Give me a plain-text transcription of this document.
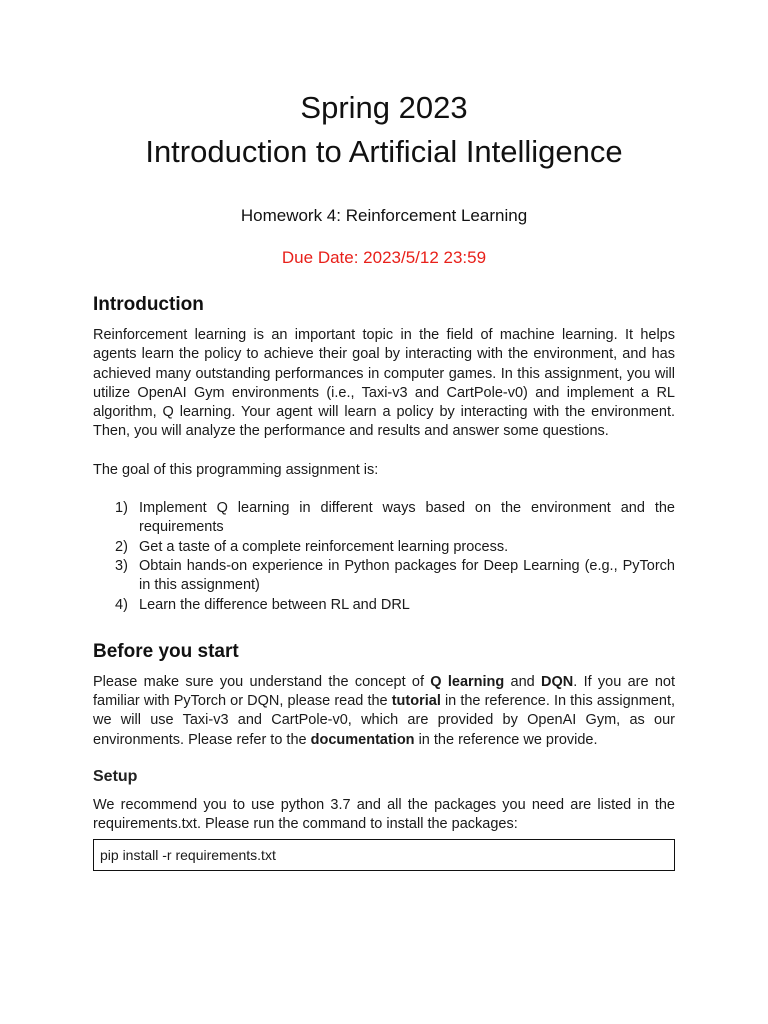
Spring 2023
Introduction to Artificial Intelligence

Homework 4: Reinforcement Learning

Due Date: 2023/5/12 23:59

Introduction

Reinforcement learning is an important topic in the field of machine learning. It helps agents learn the policy to achieve their goal by interacting with the environment, and has achieved many outstanding performances in computer games. In this assignment, you will utilize OpenAI Gym environments (i.e., Taxi-v3 and CartPole-v0) and implement a RL algorithm, Q learning. Your agent will learn a policy by interacting with the environment. Then, you will analyze the performance and results and answer some questions.

The goal of this programming assignment is:

1) Implement Q learning in different ways based on the environment and the requirements
2) Get a taste of a complete reinforcement learning process.
3) Obtain hands-on experience in Python packages for Deep Learning (e.g., PyTorch in this assignment)
4) Learn the difference between RL and DRL
Before you start

Please make sure you understand the concept of Q learning and DQN. If you are not familiar with PyTorch or DQN, please read the tutorial in the reference. In this assignment, we will use Taxi-v3 and CartPole-v0, which are provided by OpenAI Gym, as our environments. Please refer to the documentation in the reference we provide.

Setup

We recommend you to use python 3.7 and all the packages you need are listed in the requirements.txt. Please run the command to install the packages:

pip install -r requirements.txt
